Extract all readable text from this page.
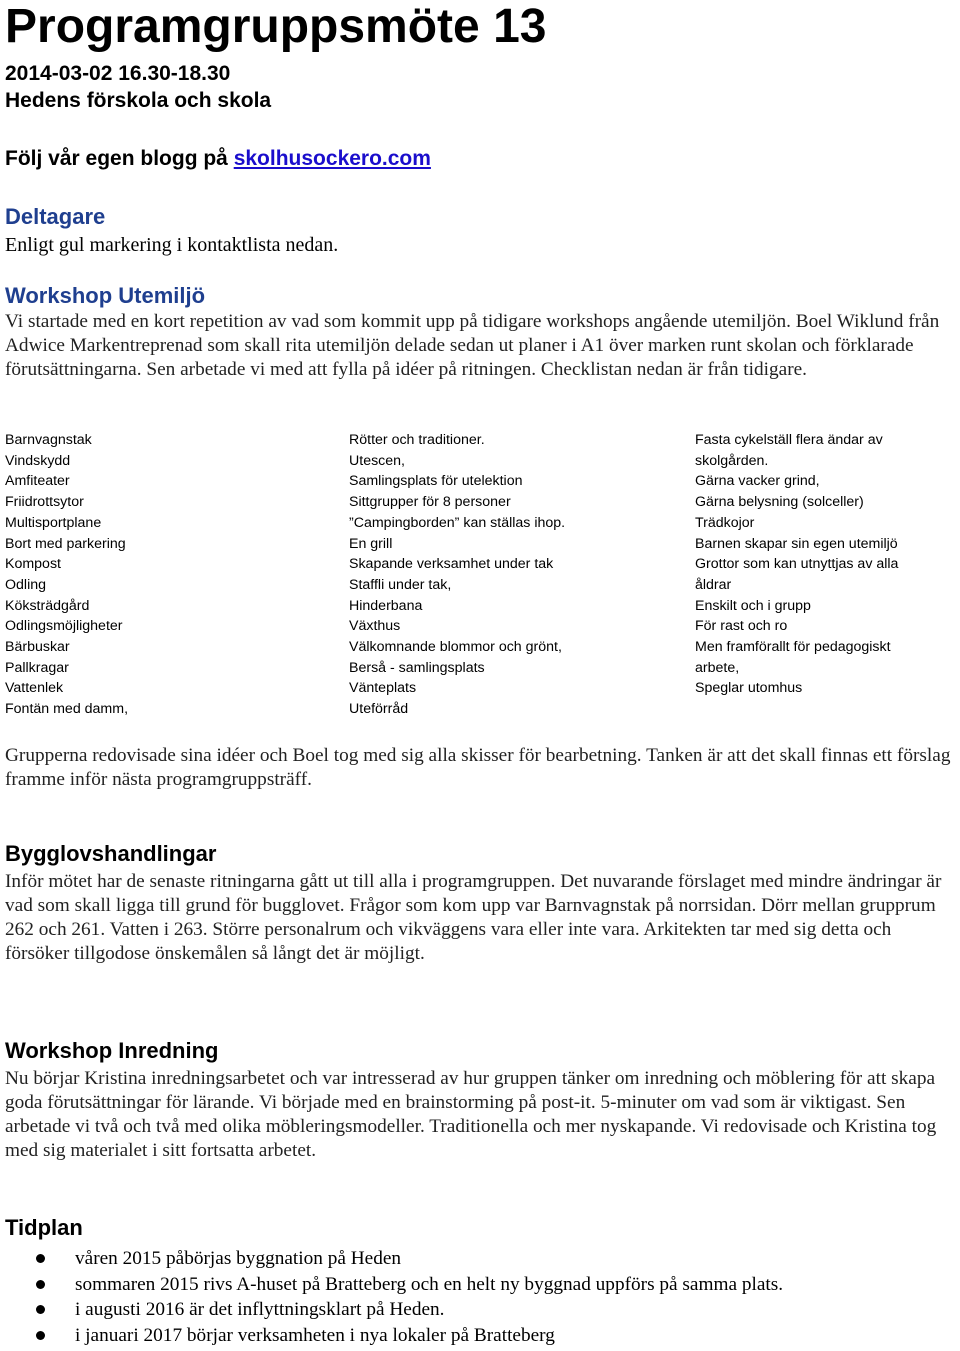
Programgruppsmöte 13
2014-03-02 16.30-18.30
Hedens förskola och skola
Följ vår egen blogg på skolhusockero.com
Deltagare
Enligt gul markering i kontaktlista nedan.
Workshop Utemiljö
Vi startade med en kort repetition av vad som kommit upp på tidigare workshops angående utemiljön. Boel Wiklund från Adwice Markentreprenad som skall rita utemiljön delade sedan ut planer i A1 över marken runt skolan och förklarade förutsättningarna. Sen arbetade vi med att fylla på idéer på ritningen. Checklistan nedan är från tidigare.
Barnvagnstak
Vindskydd
Amfiteater
Friidrottsytor
Multisportplane
Bort med parkering
Kompost
Odling
Köksträdgård
Odlingsmöjligheter
Bärbuskar
Pallkragar
Vattenlek
Fontän med damm,
Rötter och traditioner.
Utescen,
Samlingsplats för utelektion
Sittgrupper för 8 personer
”Campingborden” kan ställas ihop.
En grill
Skapande verksamhet under tak
Staffli under tak,
Hinderbana
Växthus
Välkomnande blommor och grönt,
Berså - samlingsplats
Vänteplats
Uteförråd
Fasta cykelställ flera ändar av
skolgården.
Gärna vacker grind,
Gärna belysning (solceller)
Trädkojor
Barnen skapar sin egen utemiljö
Grottor som kan utnyttjas av alla
åldrar
Enskilt och i grupp
För rast och ro
Men framförallt för pedagogiskt
arbete,
Speglar utomhus
Grupperna redovisade sina idéer och Boel tog med sig alla skisser för bearbetning. Tanken är att det skall finnas ett förslag framme inför nästa programgruppsträff.
Bygglovshandlingar
Inför mötet har de senaste ritningarna gått ut till alla i programgruppen. Det nuvarande förslaget med mindre ändringar är vad som skall ligga till grund för bugglovet. Frågor som kom upp var Barnvagnstak på norrsidan. Dörr mellan grupprum 262 och 261. Vatten i 263. Större personalrum och vikväggens vara eller inte vara. Arkitekten tar med sig detta och försöker tillgodose önskemålen så långt det är möjligt.
Workshop Inredning
Nu börjar Kristina inredningsarbetet och var intresserad av hur gruppen tänker om inredning och möblering för att skapa goda förutsättningar för lärande. Vi började med en brainstorming på post-it. 5-minuter om vad som är viktigast. Sen arbetade vi två och två med olika möbleringsmodeller. Traditionella och mer nyskapande. Vi redovisade och Kristina tog med sig materialet i sitt fortsatta arbetet.
Tidplan
våren 2015 påbörjas byggnation på Heden
sommaren 2015 rivs A-huset på Bratteberg och en helt ny byggnad uppförs på samma plats.
i augusti 2016 är det inflyttningsklart på Heden.
i januari 2017 börjar verksamheten i nya lokaler på Bratteberg
